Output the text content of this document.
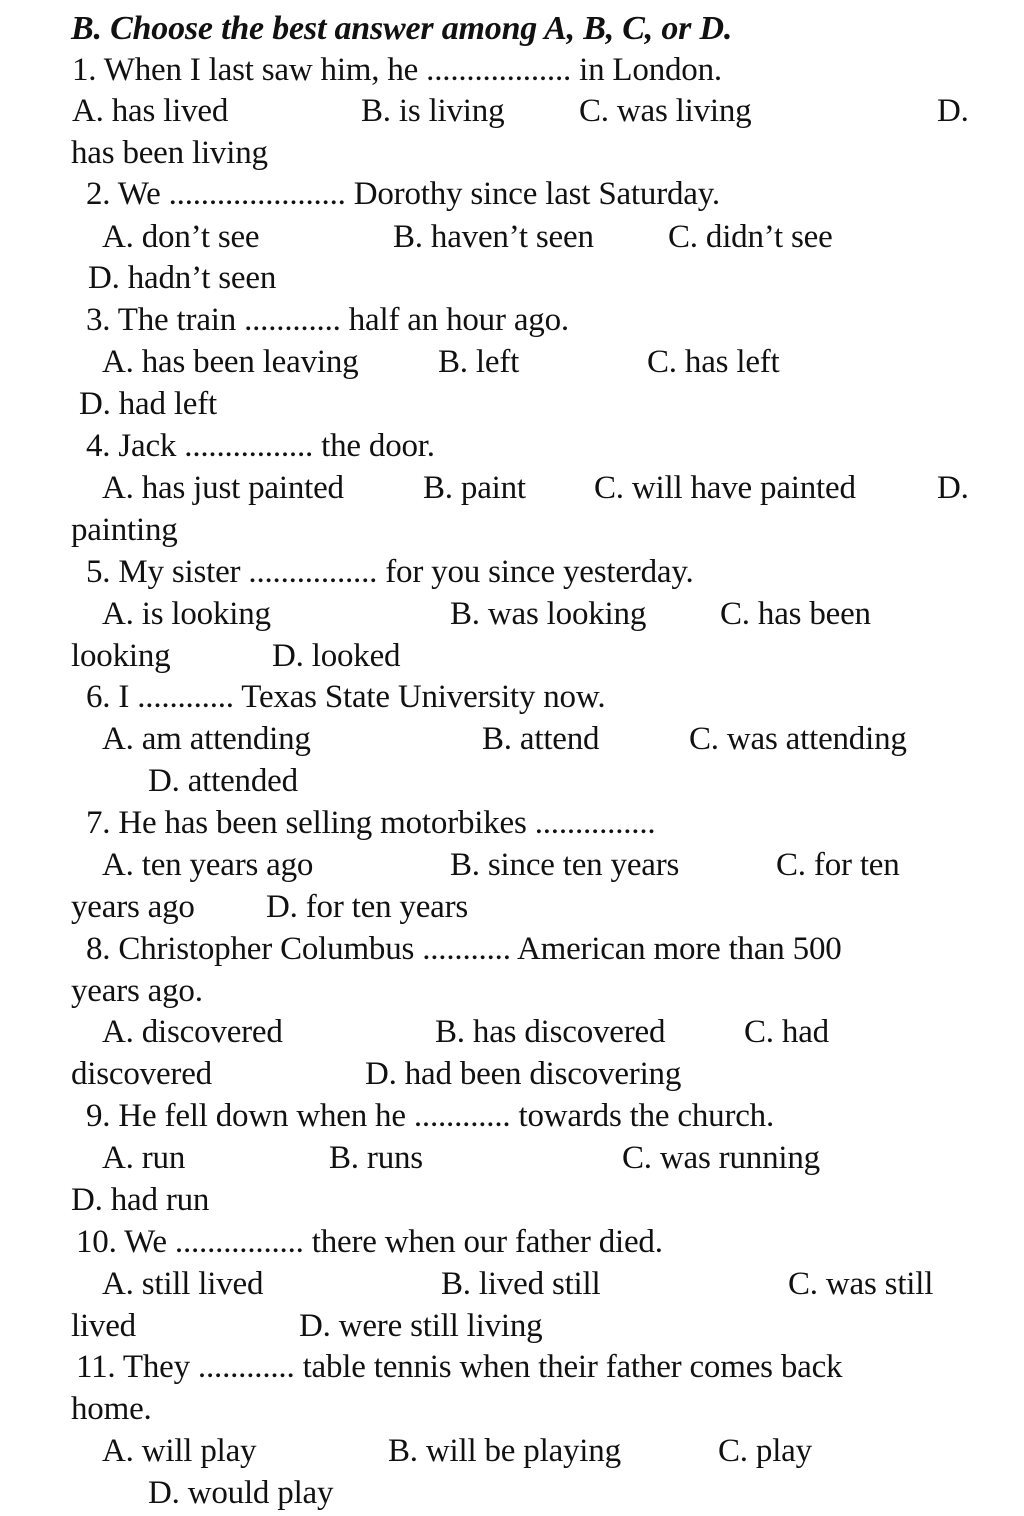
B. Choose the best answer among A, B, C, or D.
1. When I last saw him, he .................. in London.
A. has lived	B. is living C. was living	D.
has been living
2. We ...................... Dorothy since last Saturday.
A. don’t see	B. haven’t seen C. didn’t see
D. hadn’t seen
3. The train ............ half an hour ago.
A. has been leaving B. left	C. has left
D. had left
4. Jack ................ the door.
A. has just painted B. paint C. will have painted D.
painting
5. My sister ................ for you since yesterday.
A. is looking	B. was looking C. has been
looking	D. looked
6. I ............ Texas State University now.
A. am attending	B. attend	C. was attending
D. attended
7. He has been selling motorbikes ...............
A. ten years ago	B. since ten years	C. for ten
years ago D. for ten years
8. Christopher Columbus ........... American more than 500
years ago.
A. discovered	B. has discovered C. had
discovered	D. had been discovering
9. He fell down when he ............ towards the church.
A. run	B. runs	C. was running
D. had run
10. We ................ there when our father died.
A. still lived	B. lived still	C. was still
lived	D. were still living
11. They ............ table tennis when their father comes back
home.
A. will play	B. will be playing	C. play
D. would play
